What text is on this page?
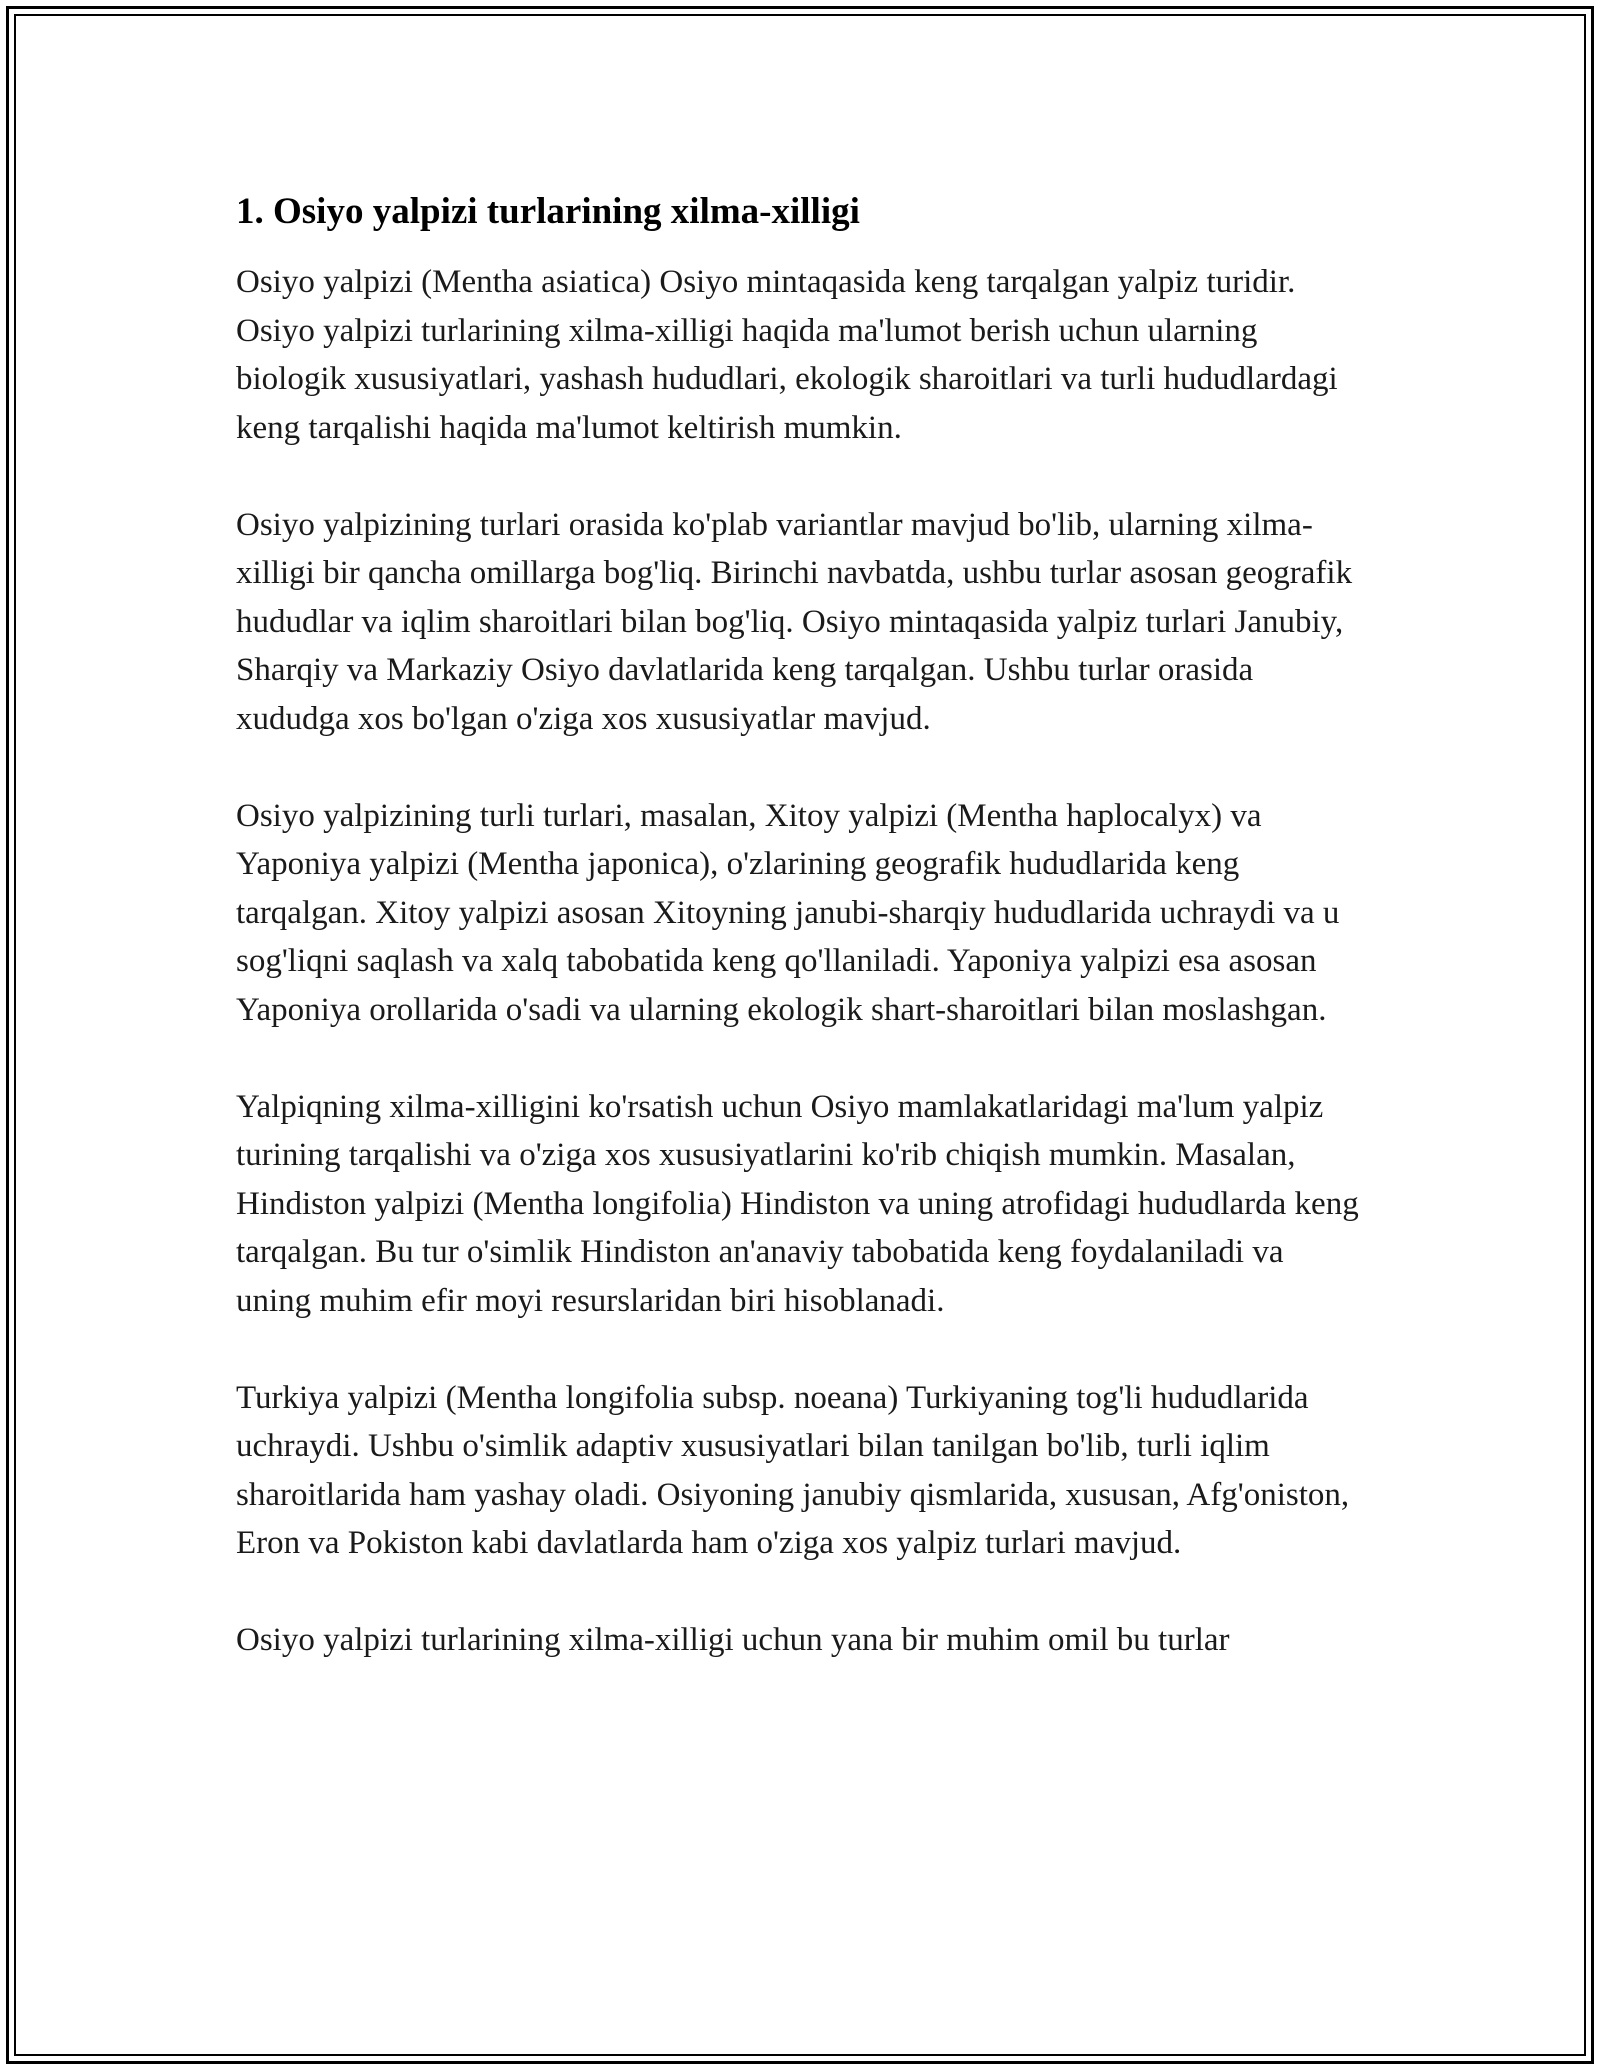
1. Osiyo yalpizi turlarining xilma-xilligi

Osiyo yalpizi (Mentha asiatica) Osiyo mintaqasida keng tarqalgan yalpiz turidir. Osiyo yalpizi turlarining xilma-xilligi haqida ma'lumot berish uchun ularning biologik xususiyatlari, yashash hududlari, ekologik sharoitlari va turli hududlardagi keng tarqalishi haqida ma'lumot keltirish mumkin.

Osiyo yalpizining turlari orasida ko'plab variantlar mavjud bo'lib, ularning xilma-xilligi bir qancha omillarga bog'liq. Birinchi navbatda, ushbu turlar asosan geografik hududlar va iqlim sharoitlari bilan bog'liq. Osiyo mintaqasida yalpiz turlari Janubiy, Sharqiy va Markaziy Osiyo davlatlarida keng tarqalgan. Ushbu turlar orasida xududga xos bo'lgan o'ziga xos xususiyatlar mavjud.

Osiyo yalpizining turli turlari, masalan, Xitoy yalpizi (Mentha haplocalyx) va Yaponiya yalpizi (Mentha japonica), o'zlarining geografik hududlarida keng tarqalgan. Xitoy yalpizi asosan Xitoyning janubi-sharqiy hududlarida uchraydi va u sog'liqni saqlash va xalq tabobatida keng qo'llaniladi. Yaponiya yalpizi esa asosan Yaponiya orollarida o'sadi va ularning ekologik shart-sharoitlari bilan moslashgan.

Yalpiqning xilma-xilligini ko'rsatish uchun Osiyo mamlakatlaridagi ma'lum yalpiz turining tarqalishi va o'ziga xos xususiyatlarini ko'rib chiqish mumkin. Masalan, Hindiston yalpizi (Mentha longifolia) Hindiston va uning atrofidagi hududlarda keng tarqalgan. Bu tur o'simlik Hindiston an'anaviy tabobatida keng foydalaniladi va uning muhim efir moyi resurslaridan biri hisoblanadi.

Turkiya yalpizi (Mentha longifolia subsp. noeana) Turkiyaning tog'li hududlarida uchraydi. Ushbu o'simlik adaptiv xususiyatlari bilan tanilgan bo'lib, turli iqlim sharoitlarida ham yashay oladi. Osiyoning janubiy qismlarida, xususan, Afg'oniston, Eron va Pokiston kabi davlatlarda ham o'ziga xos yalpiz turlari mavjud.

Osiyo yalpizi turlarining xilma-xilligi uchun yana bir muhim omil bu turlar
